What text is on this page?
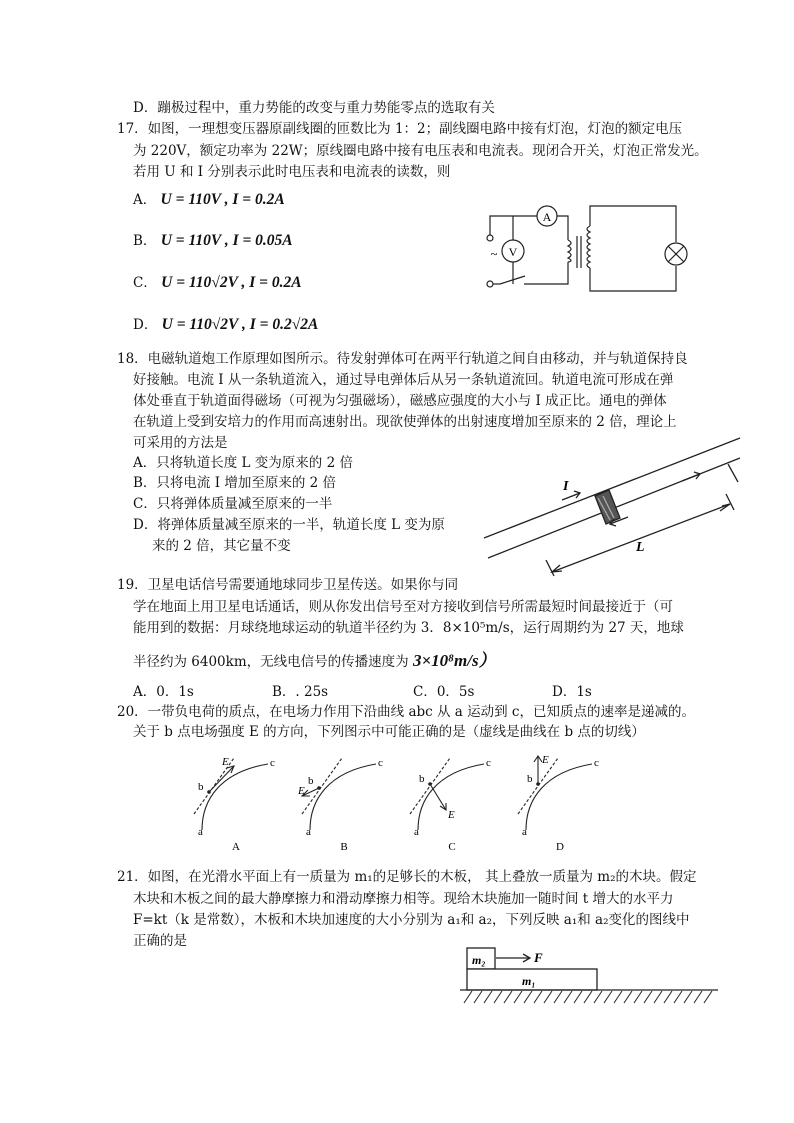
D．蹦极过程中，重力势能的改变与重力势能零点的选取有关
17．如图，一理想变压器原副线圈的匝数比为 1：2；副线圈电路中接有灯泡，灯泡的额定电压
为 220V，额定功率为 22W；原线圈电路中接有电压表和电流表。现闭合开关，灯泡正常发光。
若用 U 和 I 分别表示此时电压表和电流表的读数，则
A． U = 110V , I = 0.2A
B． U = 110V , I = 0.05A
C． U = 110√2V , I = 0.2A
D． U = 110√2V , I = 0.2√2A
~
A
V
18．电磁轨道炮工作原理如图所示。待发射弹体可在两平行轨道之间自由移动，并与轨道保持良
好接触。电流 I 从一条轨道流入，通过导电弹体后从另一条轨道流回。轨道电流可形成在弹
体处垂直于轨道面得磁场（可视为匀强磁场），磁感应强度的大小与 I 成正比。通电的弹体
在轨道上受到安培力的作用而高速射出。现欲使弹体的出射速度增加至原来的 2 倍，理论上
可采用的方法是
A．只将轨道长度 L 变为原来的 2 倍
B．只将电流 I 增加至原来的 2 倍
C．只将弹体质量减至原来的一半
D．将弹体质量减至原来的一半，轨道长度 L 变为原
来的 2 倍，其它量不变
I
L
19．卫星电话信号需要通地球同步卫星传送。如果你与同
学在地面上用卫星电话通话，则从你发出信号至对方接收到信号所需最短时间最接近于（可
能用到的数据：月球绕地球运动的轨道半径约为 3．8×10⁵m/s，运行周期约为 27 天，地球
半径约为 6400km，无线电信号的传播速度为 3×10⁸m/s）
A．0．1s	B．. 25s	C．0．5s	D．1s
20．一带负电荷的质点，在电场力作用下沿曲线 abc 从 a 运动到 c，已知质点的速率是递减的。
关于 b 点电场强度 E 的方向，下列图示中可能正确的是（虚线是曲线在 b 点的切线）
b
E	c
a
A
b
E
c
a
B
b
E
c
a
C
b
E	c
a
D
21．如图，在光滑水平面上有一质量为 m₁的足够长的木板， 其上叠放一质量为 m₂的木块。假定
木块和木板之间的最大静摩擦力和滑动摩擦力相等。现给木块施加一随时间 t 增大的水平力
F=kt（k 是常数），木板和木块加速度的大小分别为 a₁和 a₂，下列反映 a₁和 a₂变化的图线中
正确的是
m₂
m₁
F
